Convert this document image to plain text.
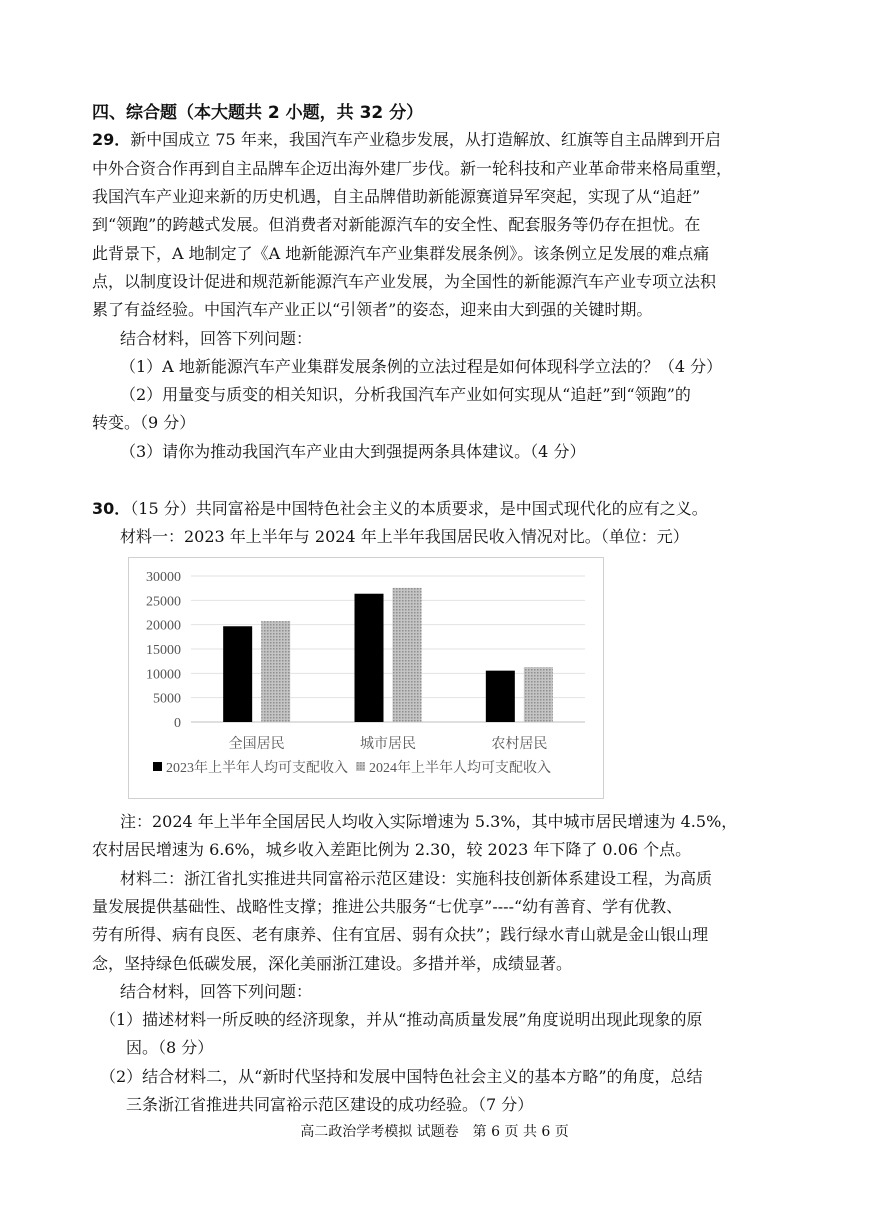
四、综合题（本大题共 2 小题，共 32 分）
29．新中国成立 75 年来，我国汽车产业稳步发展，从打造解放、红旗等自主品牌到开启
中外合资合作再到自主品牌车企迈出海外建厂步伐。新一轮科技和产业革命带来格局重塑，
我国汽车产业迎来新的历史机遇，自主品牌借助新能源赛道异军突起，实现了从“追赶”
到“领跑”的跨越式发展。但消费者对新能源汽车的安全性、配套服务等仍存在担忧。在
此背景下，A 地制定了《A 地新能源汽车产业集群发展条例》。该条例立足发展的难点痛
点，以制度设计促进和规范新能源汽车产业发展，为全国性的新能源汽车产业专项立法积
累了有益经验。中国汽车产业正以“引领者”的姿态，迎来由大到强的关键时期。
结合材料，回答下列问题：
（1）A 地新能源汽车产业集群发展条例的立法过程是如何体现科学立法的？（4 分）
（2）用量变与质变的相关知识，分析我国汽车产业如何实现从“追赶”到“领跑”的
转变。（9 分）
（3）请你为推动我国汽车产业由大到强提两条具体建议。（4 分）
30．（15 分）共同富裕是中国特色社会主义的本质要求，是中国式现代化的应有之义。
材料一：2023 年上半年与 2024 年上半年我国居民收入情况对比。（单位：元）
0
5000
10000
15000
20000
25000
30000
全国居民	城市居民	农村居民
2023年上半年人均可支配收入 2024年上半年人均可支配收入
注：2024 年上半年全国居民人均收入实际增速为 5.3%，其中城市居民增速为 4.5%，
农村居民增速为 6.6%，城乡收入差距比例为 2.30，较 2023 年下降了 0.06 个点。
材料二：浙江省扎实推进共同富裕示范区建设：实施科技创新体系建设工程，为高质
量发展提供基础性、战略性支撑；推进公共服务“七优享”----“幼有善育、学有优教、
劳有所得、病有良医、老有康养、住有宜居、弱有众扶”；践行绿水青山就是金山银山理
念，坚持绿色低碳发展，深化美丽浙江建设。多措并举，成绩显著。
结合材料，回答下列问题：
（1）描述材料一所反映的经济现象，并从“推动高质量发展”角度说明出现此现象的原
因。（8 分）
（2）结合材料二，从“新时代坚持和发展中国特色社会主义的基本方略”的角度，总结
三条浙江省推进共同富裕示范区建设的成功经验。（7 分）
高二政治学考模拟 试题卷　第 6 页 共 6 页
